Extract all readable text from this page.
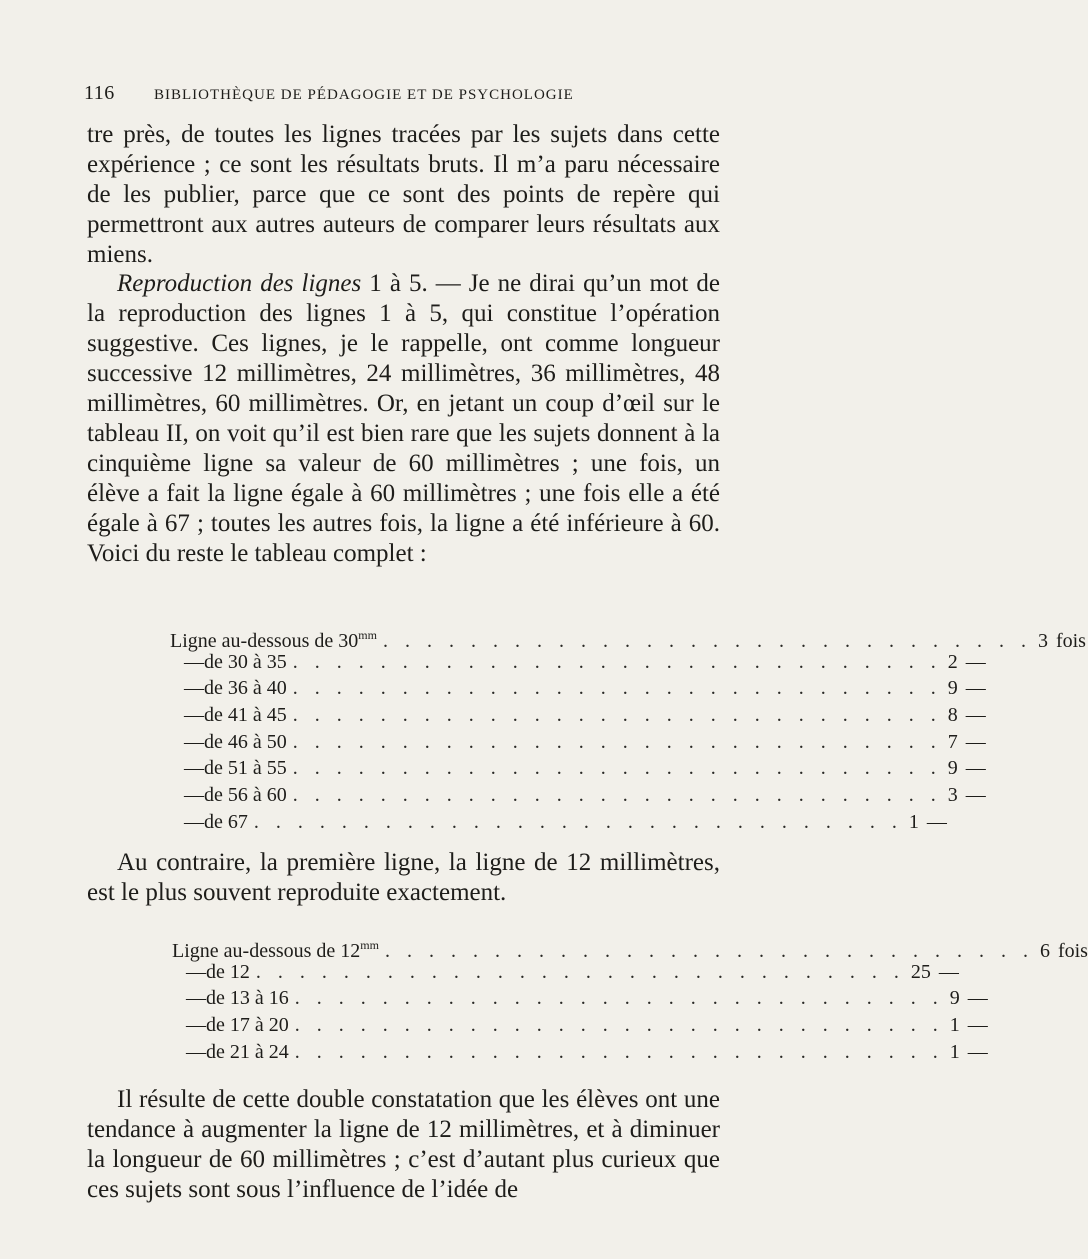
116	BIBLIOTHÈQUE DE PÉDAGOGIE ET DE PSYCHOLOGIE
tre près, de toutes les lignes tracées par les sujets dans cette expérience ; ce sont les résultats bruts. Il m’a paru nécessaire de les publier, parce que ce sont des points de repère qui permettront aux autres auteurs de comparer leurs résultats aux miens.
Reproduction des lignes 1 à 5. — Je ne dirai qu’un mot de la reproduction des lignes 1 à 5, qui constitue l’opération suggestive. Ces lignes, je le rappelle, ont comme longueur successive 12 millimètres, 24 millimètres, 36 millimètres, 48 millimètres, 60 millimètres. Or, en jetant un coup d’œil sur le tableau II, on voit qu’il est bien rare que les sujets donnent à la cinquième ligne sa valeur de 60 millimètres ; une fois, un élève a fait la ligne égale à 60 millimètres ; une fois elle a été égale à 67 ; toutes les autres fois, la ligne a été inférieure à 60. Voici du reste le tableau complet :
Ligne au-dessous de $30^{mm}$ . . . . . . . . . . . . . . . . . . . . . . . . . . . . . . 3 fois
— de 30 à 35 . . . . . . . . . . . . . . . . . . . . . . . . . . . . . . 2 —
— de 36 à 40 . . . . . . . . . . . . . . . . . . . . . . . . . . . . . . 9 —
— de 41 à 45 . . . . . . . . . . . . . . . . . . . . . . . . . . . . . . 8 —
— de 46 à 50 . . . . . . . . . . . . . . . . . . . . . . . . . . . . . . 7 —
— de 51 à 55 . . . . . . . . . . . . . . . . . . . . . . . . . . . . . . 9 —
— de 56 à 60 . . . . . . . . . . . . . . . . . . . . . . . . . . . . . . 3 —
— de 67 . . . . . . . . . . . . . . . . . . . . . . . . . . . . . . 1 —
Au contraire, la première ligne, la ligne de 12 millimètres, est le plus souvent reproduite exactement.
Ligne au-dessous de $12^{mm}$ . . . . . . . . . . . . . . . . . . . . . . . . . . . . . . 6 fois
— de 12 . . . . . . . . . . . . . . . . . . . . . . . . . . . . . . 25 —
— de 13 à 16 . . . . . . . . . . . . . . . . . . . . . . . . . . . . . . 9 —
— de 17 à 20 . . . . . . . . . . . . . . . . . . . . . . . . . . . . . . 1 —
— de 21 à 24 . . . . . . . . . . . . . . . . . . . . . . . . . . . . . . 1 —
Il résulte de cette double constatation que les élèves ont une tendance à augmenter la ligne de 12 millimètres, et à diminuer la longueur de 60 millimètres ; c’est d’autant plus curieux que ces sujets sont sous l’influence de l’idée de
